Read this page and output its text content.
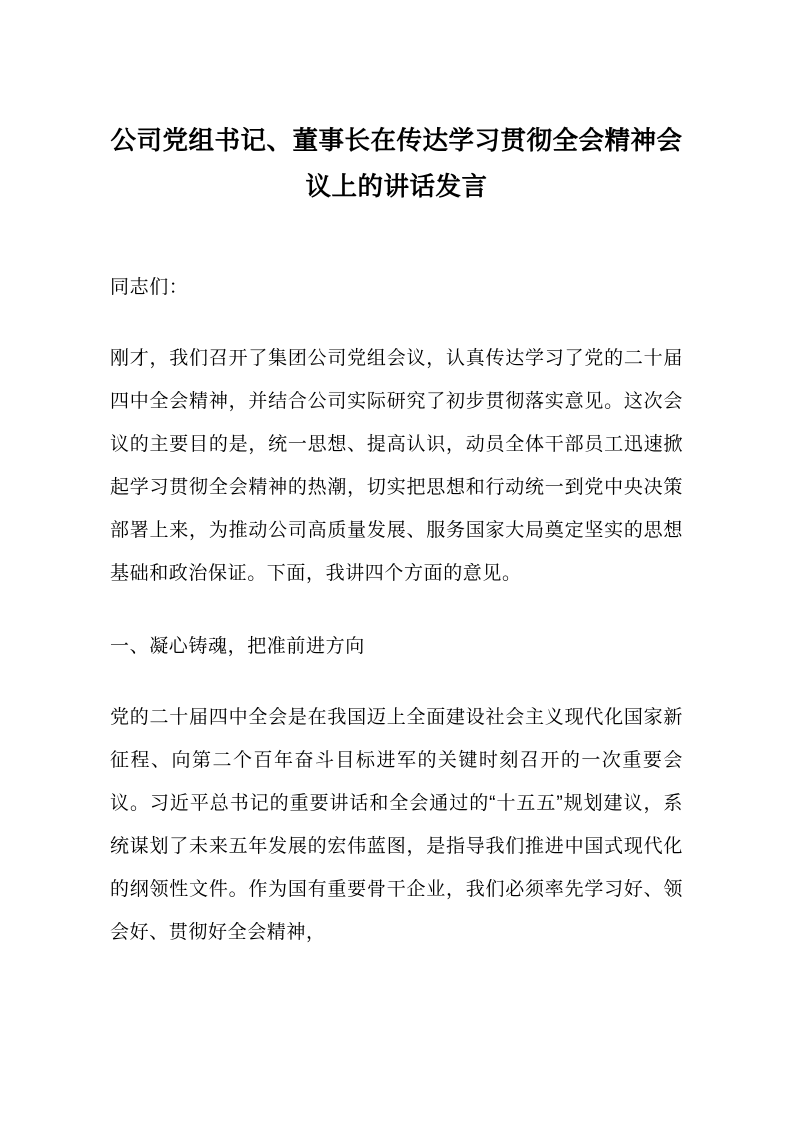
公司党组书记、董事长在传达学习贯彻全会精神会议上的讲话发言

同志们：

刚才，我们召开了集团公司党组会议，认真传达学习了党的二十届四中全会精神，并结合公司实际研究了初步贯彻落实意见。这次会议的主要目的是，统一思想、提高认识，动员全体干部员工迅速掀起学习贯彻全会精神的热潮，切实把思想和行动统一到党中央决策部署上来，为推动公司高质量发展、服务国家大局奠定坚实的思想基础和政治保证。下面，我讲四个方面的意见。

一、凝心铸魂，把准前进方向

党的二十届四中全会是在我国迈上全面建设社会主义现代化国家新征程、向第二个百年奋斗目标进军的关键时刻召开的一次重要会议。习近平总书记的重要讲话和全会通过的“十五五”规划建议，系统谋划了未来五年发展的宏伟蓝图，是指导我们推进中国式现代化的纲领性文件。作为国有重要骨干企业，我们必须率先学习好、领会好、贯彻好全会精神，
